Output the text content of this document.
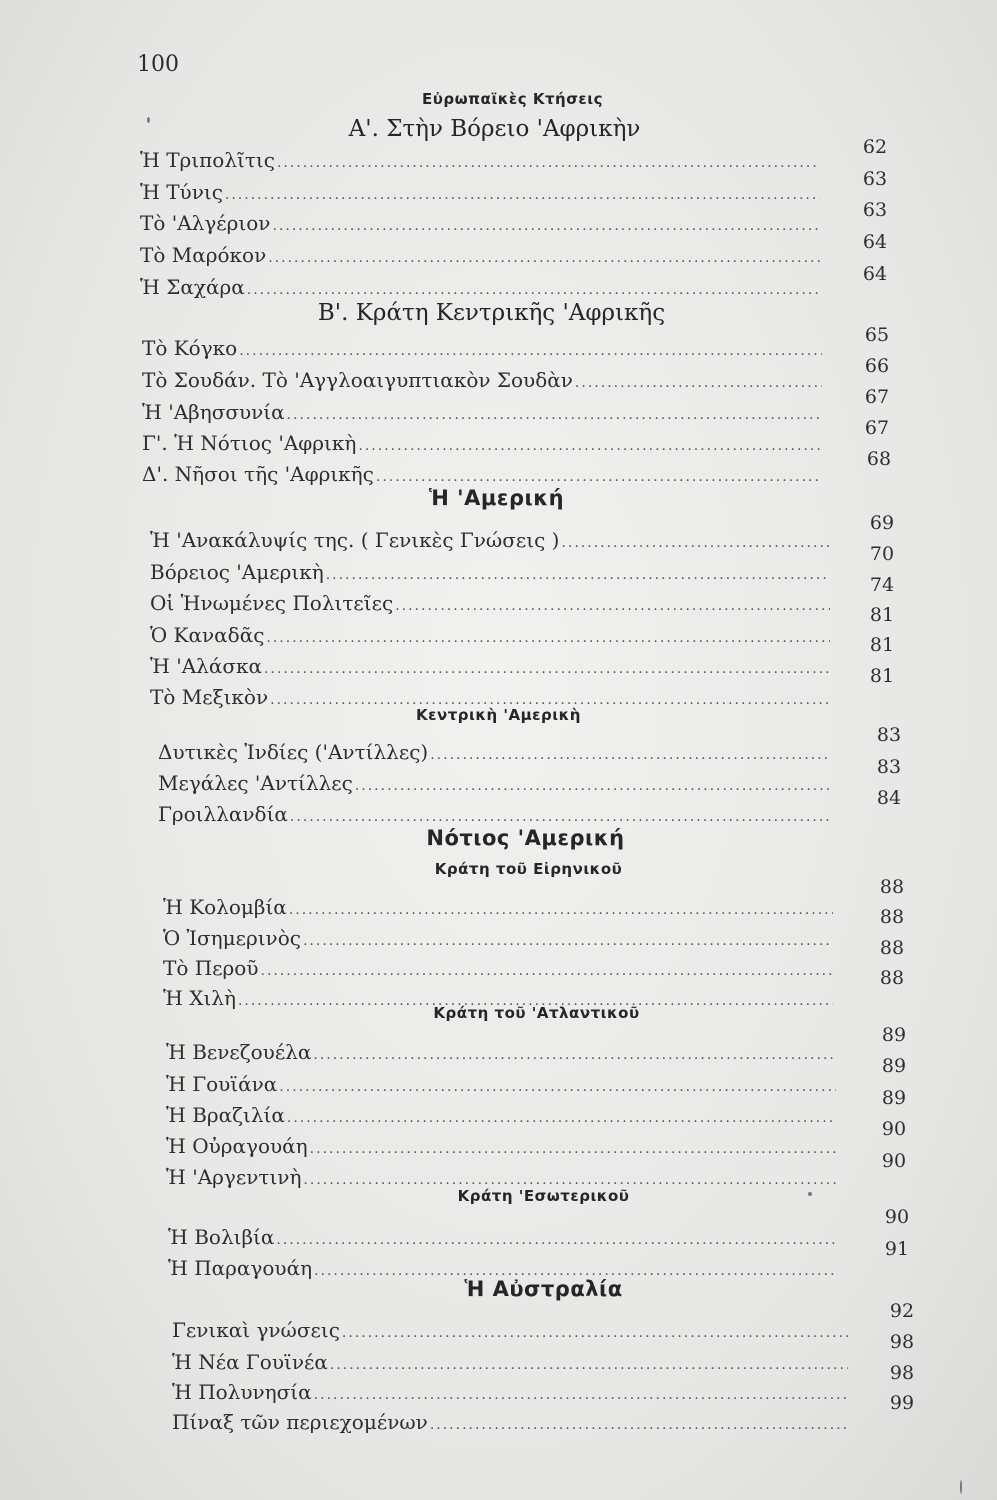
100
Εὐρωπαϊκὲς Κτήσεις
Α'. Στὴν Βόρειο 'Αφρικὴν
Β'. Κράτη Κεντρικῆς 'Αφρικῆς
Ἡ 'Αμερική
Κεντρικὴ 'Αμερικὴ
Νότιος 'Αμερική
Κράτη τοῦ Εἰρηνικοῦ
Κράτη τοῦ 'Ατλαντικοῦ
Κράτη 'Εσωτερικοῦ
Ἡ Αὐστραλία
Ἡ Τριπολῖτις
.....
Ἡ Τύνις
.....
Τὸ 'Αλγέριον
.....
Τὸ Μαρόκον
.....
Ἡ Σαχάρα
.....
Τὸ Κόγκο
.....
Τὸ Σουδάν. Τὸ 'Αγγλοαιγυπτιακὸν Σουδὰν
.....
Ἡ 'Αβησσυνία
.....
Γ'. Ἡ Νότιος 'Αφρικὴ
.....
Δ'. Νῆσοι τῆς 'Αφρικῆς
.....
Ἡ 'Ανακάλυψίς της. ( Γενικὲς Γνώσεις )
.....
Βόρειος 'Αμερικὴ
.....
Οἱ Ἡνωμένες Πολιτεῖες
.....
Ὁ Καναδᾶς
.....
Ἡ 'Αλάσκα
.....
Τὸ Μεξικὸν
.....
Δυτικὲς Ἰνδίες ('Αντίλλες)
.....
Μεγάλες 'Αντίλλες
.....
Γροιλλανδία
.....
Ἡ Κολομβία
.....
Ὁ Ἰσημερινὸς
.....
Τὸ Περοῦ
.....
Ἡ Χιλὴ
.....
Ἡ Βενεζουέλα
.....
Ἡ Γουϊάνα
.....
Ἡ Βραζιλία
.....
Ἡ Οὐραγουάη
.....
Ἡ 'Αργεντινὴ
.....
Ἡ Βολιβία
.....
Ἡ Παραγουάη
.....
Γενικαὶ γνώσεις
.....
Ἡ Νέα Γουϊνέα
.....
Ἡ Πολυνησία
.....
Πίναξ τῶν περιεχομένων
.....
62
63
63
64
64
65
66
67
67
68
69
70
74
81
81
81
83
83
84
88
88
88
88
89
89
89
90
90
90
91
92
98
98
99
